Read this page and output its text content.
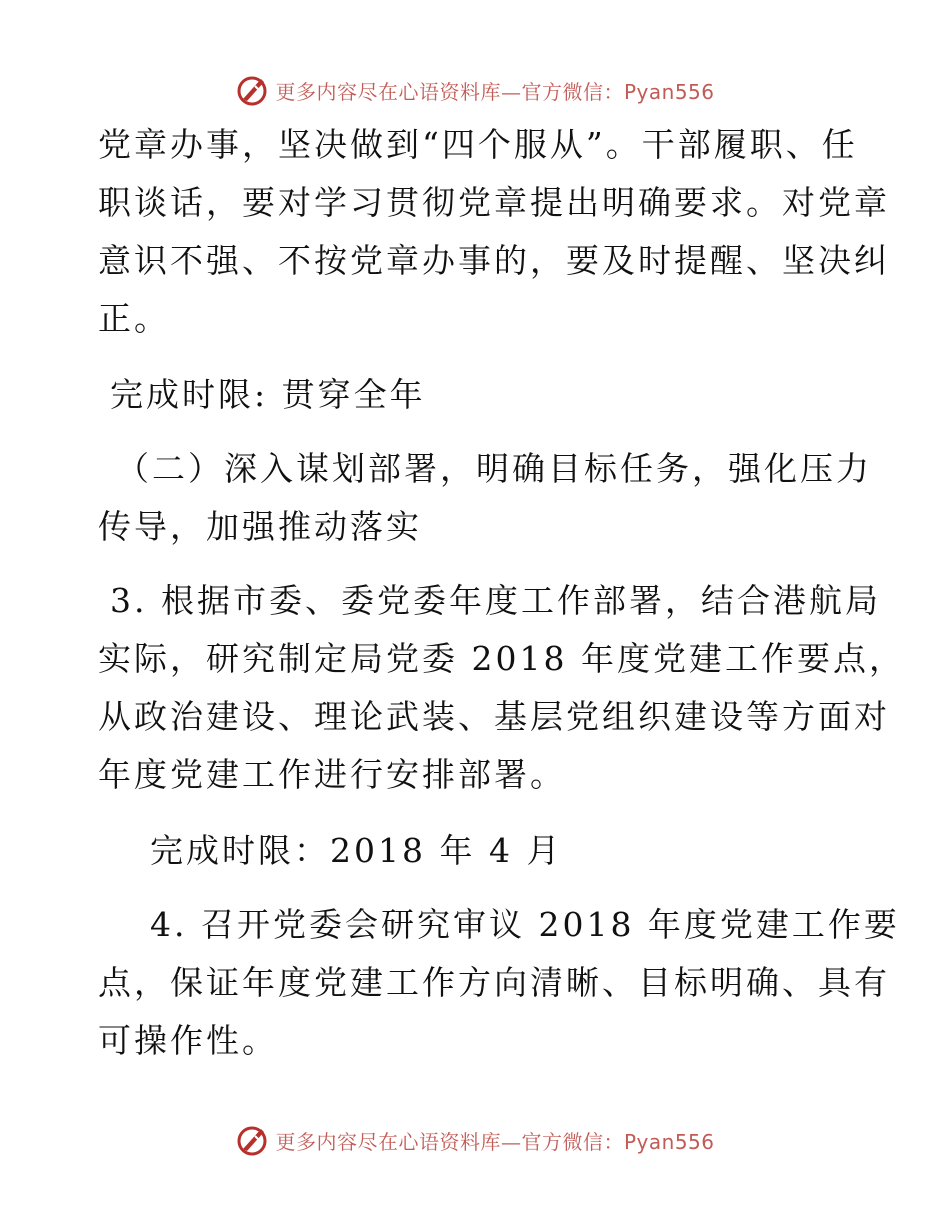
更多内容尽在心语资料库—官方微信：Pyan556
党章办事，坚决做到“四个服从”。干部履职、任
职谈话，要对学习贯彻党章提出明确要求。对党章
意识不强、不按党章办事的，要及时提醒、坚决纠
正。
完成时限: 贯穿全年
（二）深入谋划部署，明确目标任务，强化压力
传导，加强推动落实
3. 根据市委、委党委年度工作部署，结合港航局
实际，研究制定局党委 2018 年度党建工作要点，
从政治建设、理论武装、基层党组织建设等方面对
年度党建工作进行安排部署。
完成时限：2018 年 4 月
4. 召开党委会研究审议 2018 年度党建工作要
点，保证年度党建工作方向清晰、目标明确、具有
可操作性。
更多内容尽在心语资料库—官方微信：Pyan556
